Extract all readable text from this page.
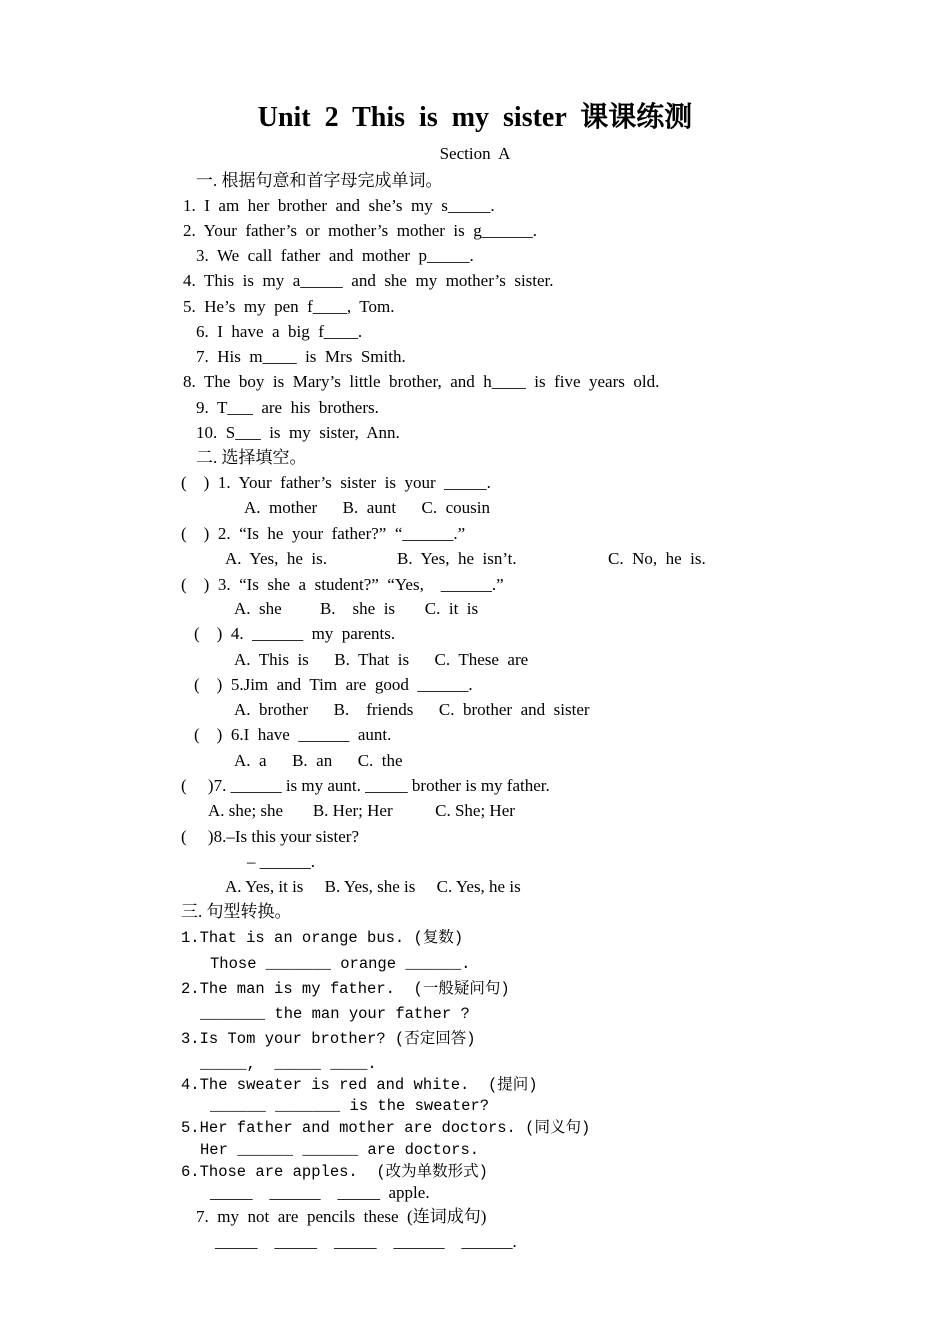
Unit  2  This  is  my  sister  课课练测
Section  A
一. 根据句意和首字母完成单词。
1.  I  am  her  brother  and  she’s  my  s_____.
2.  Your  father’s  or  mother’s  mother  is  g______.
3.  We  call  father  and  mother  p_____.
4.  This  is  my  a_____  and  she  my  mother’s  sister.
5.  He’s  my  pen  f____,  Tom.
6.  I  have  a  big  f____.
7.  His  m____  is  Mrs  Smith.
8.  The  boy  is  Mary’s  little  brother,  and  h____  is  five  years  old.
9.  T___  are  his  brothers.
10.  S___  is  my  sister,  Ann.
二. 选择填空。
(    )  1.  Your  father’s  sister  is  your  _____.
A.  mother      B.  aunt      C.  cousin
(    )  2.  “Is  he  your  father?”  “______.”
A.  Yes,  he  is.	B.  Yes,  he  isn’t.	C.  No,  he  is.
(    )  3.  “Is  she  a  student?”  “Yes,    ______.”
A.  she         B.    she  is       C.  it  is
(    )  4.  ______  my  parents.
A.  This  is      B.  That  is      C.  These  are
(    )  5.Jim  and  Tim  are  good  ______.
A.  brother      B.    friends      C.  brother  and  sister
(    )  6.I  have  ______  aunt.
A.  a      B.  an      C.  the
(     )7. ______ is my aunt. _____ brother is my father.
A. she; she       B. Her; Her          C. She; Her
(     )8.–Is this your sister?
– ______.
A. Yes, it is     B. Yes, she is     C. Yes, he is
三. 句型转换。
1.That is an orange bus. (复数)
Those _______ orange ______.
2.The man is my father.  (一般疑问句)
_______ the man your father ?
3.Is Tom your brother? (否定回答)
_____,  _____ ____.
4.The sweater is red and white.  (提问)
______ _______ is the sweater?
5.Her father and mother are doctors. (同义句)
Her ______ ______ are doctors.
6.Those are apples.  (改为单数形式)
_____    ______    _____  apple.
7.  my  not  are  pencils  these  (连词成句)
_____    _____    _____    ______    ______.
